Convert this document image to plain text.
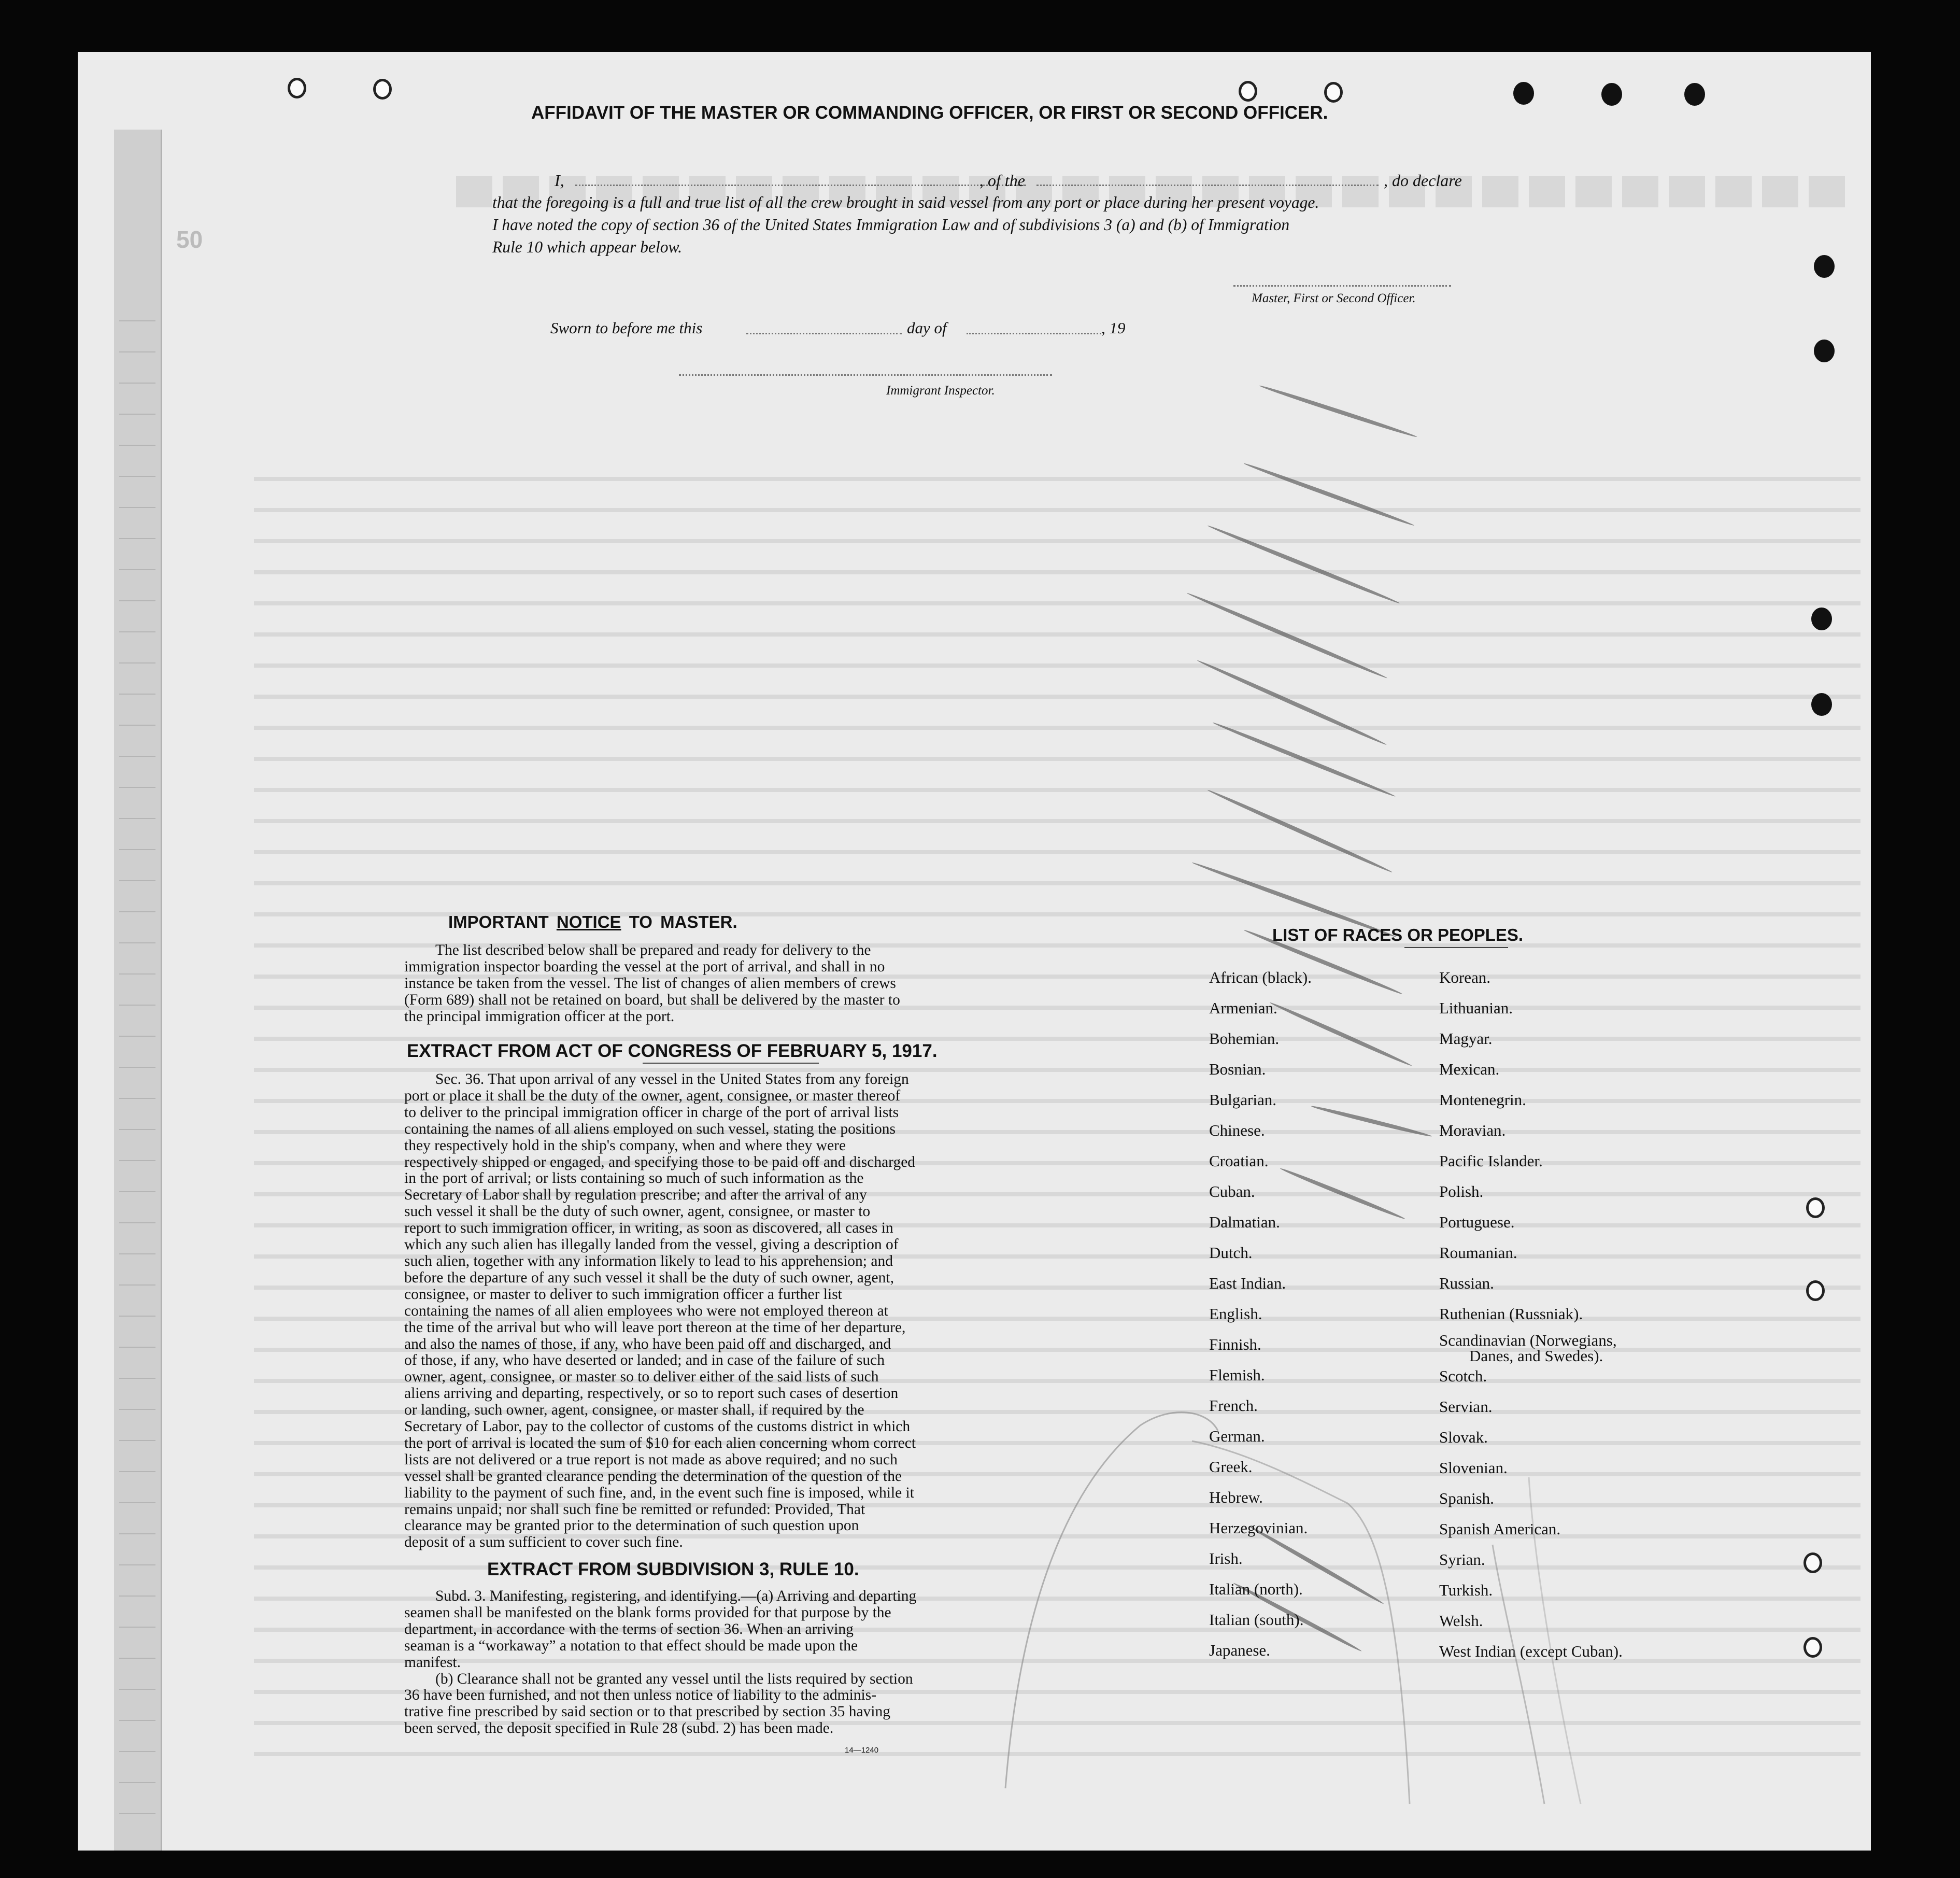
50
AFFIDAVIT OF THE MASTER OR COMMANDING OFFICER, OR FIRST OR SECOND OFFICER.
I,	, of the	, do declare
that the foregoing is a full and true list of all the crew brought in said vessel from any port or place during her present voyage.
I have noted the copy of section 36 of the United States Immigration Law and of subdivisions 3 (a) and (b) of Immigration
Rule 10 which appear below.
Master, First or Second Officer.
Sworn to before me this	day of	, 19
Immigrant Inspector.
IMPORTANT NOTICE TO MASTER.

The list described below shall be prepared and ready for delivery to the

immigration inspector boarding the vessel at the port of arrival, and shall in no
instance be taken from the vessel. The list of changes of alien members of crews
(Form 689) shall not be retained on board, but shall be delivered by the master to
the principal immigration officer at the port.
EXTRACT FROM ACT OF CONGRESS OF FEBRUARY 5, 1917.

Sec. 36. That upon arrival of any vessel in the United States from any foreign

port or place it shall be the duty of the owner, agent, consignee, or master thereof
to deliver to the principal immigration officer in charge of the port of arrival lists
containing the names of all aliens employed on such vessel, stating the positions
they respectively hold in the ship's company, when and where they were
respectively shipped or engaged, and specifying those to be paid off and discharged
in the port of arrival; or lists containing so much of such information as the
Secretary of Labor shall by regulation prescribe; and after the arrival of any
such vessel it shall be the duty of such owner, agent, consignee, or master to
report to such immigration officer, in writing, as soon as discovered, all cases in
which any such alien has illegally landed from the vessel, giving a description of
such alien, together with any information likely to lead to his apprehension; and
before the departure of any such vessel it shall be the duty of such owner, agent,
consignee, or master to deliver to such immigration officer a further list
containing the names of all alien employees who were not employed thereon at
the time of the arrival but who will leave port thereon at the time of her departure,
and also the names of those, if any, who have been paid off and discharged, and
of those, if any, who have deserted or landed; and in case of the failure of such
owner, agent, consignee, or master so to deliver either of the said lists of such
aliens arriving and departing, respectively, or so to report such cases of desertion
or landing, such owner, agent, consignee, or master shall, if required by the
Secretary of Labor, pay to the collector of customs of the customs district in which
the port of arrival is located the sum of $10 for each alien concerning whom correct
lists are not delivered or a true report is not made as above required; and no such
vessel shall be granted clearance pending the determination of the question of the
liability to the payment of such fine, and, in the event such fine is imposed, while it
remains unpaid; nor shall such fine be remitted or refunded: Provided, That
clearance may be granted prior to the determination of such question upon
deposit of a sum sufficient to cover such fine.
EXTRACT FROM SUBDIVISION 3, RULE 10.

Subd. 3. Manifesting, registering, and identifying.—(a) Arriving and departing

seamen shall be manifested on the blank forms provided for that purpose by the
department, in accordance with the terms of section 36. When an arriving
seaman is a “workaway” a notation to that effect should be made upon the
manifest.

(b) Clearance shall not be granted any vessel until the lists required by section

36 have been furnished, and not then unless notice of liability to the adminis-
trative fine prescribed by said section or to that prescribed by section 35 having
been served, the deposit specified in Rule 28 (subd. 2) has been made.
14—1240
LIST OF RACES OR PEOPLES.
African (black).
Armenian.
Bohemian.
Bosnian.
Bulgarian.
Chinese.
Croatian.
Cuban.
Dalmatian.
Dutch.
East Indian.
English.
Finnish.
Flemish.
French.
German.
Greek.
Hebrew.
Herzegovinian.
Irish.
Italian (north).
Italian (south).
Japanese.
Korean.
Lithuanian.
Magyar.
Mexican.
Montenegrin.
Moravian.
Pacific Islander.
Polish.
Portuguese.
Roumanian.
Russian.
Ruthenian (Russniak).
Scandinavian (Norwegians,
Danes, and Swedes).
Scotch.
Servian.
Slovak.
Slovenian.
Spanish.
Spanish American.
Syrian.
Turkish.
Welsh.
West Indian (except Cuban).
